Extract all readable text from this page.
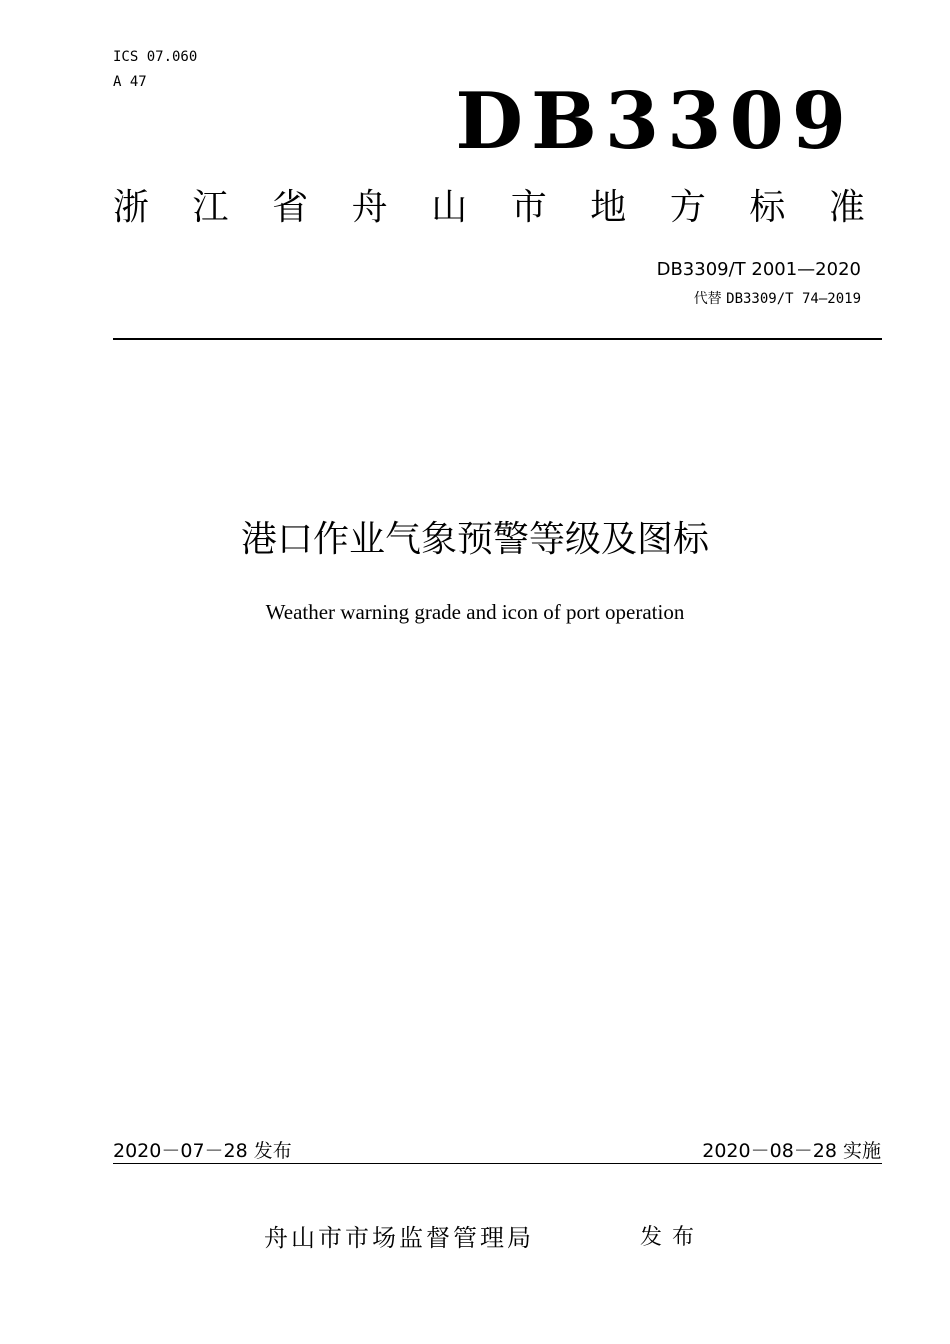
ICS 07.060
A 47	DB3309
浙 江 省 舟 山 市 地 方 标 准
DB3309/T 2001—2020
代替 DB3309/T 74—2019
港口作业气象预警等级及图标
Weather warning grade and icon of port operation
2020－07－28 发布	2020－08－28 实施
舟山市市场监督管理局	发布
